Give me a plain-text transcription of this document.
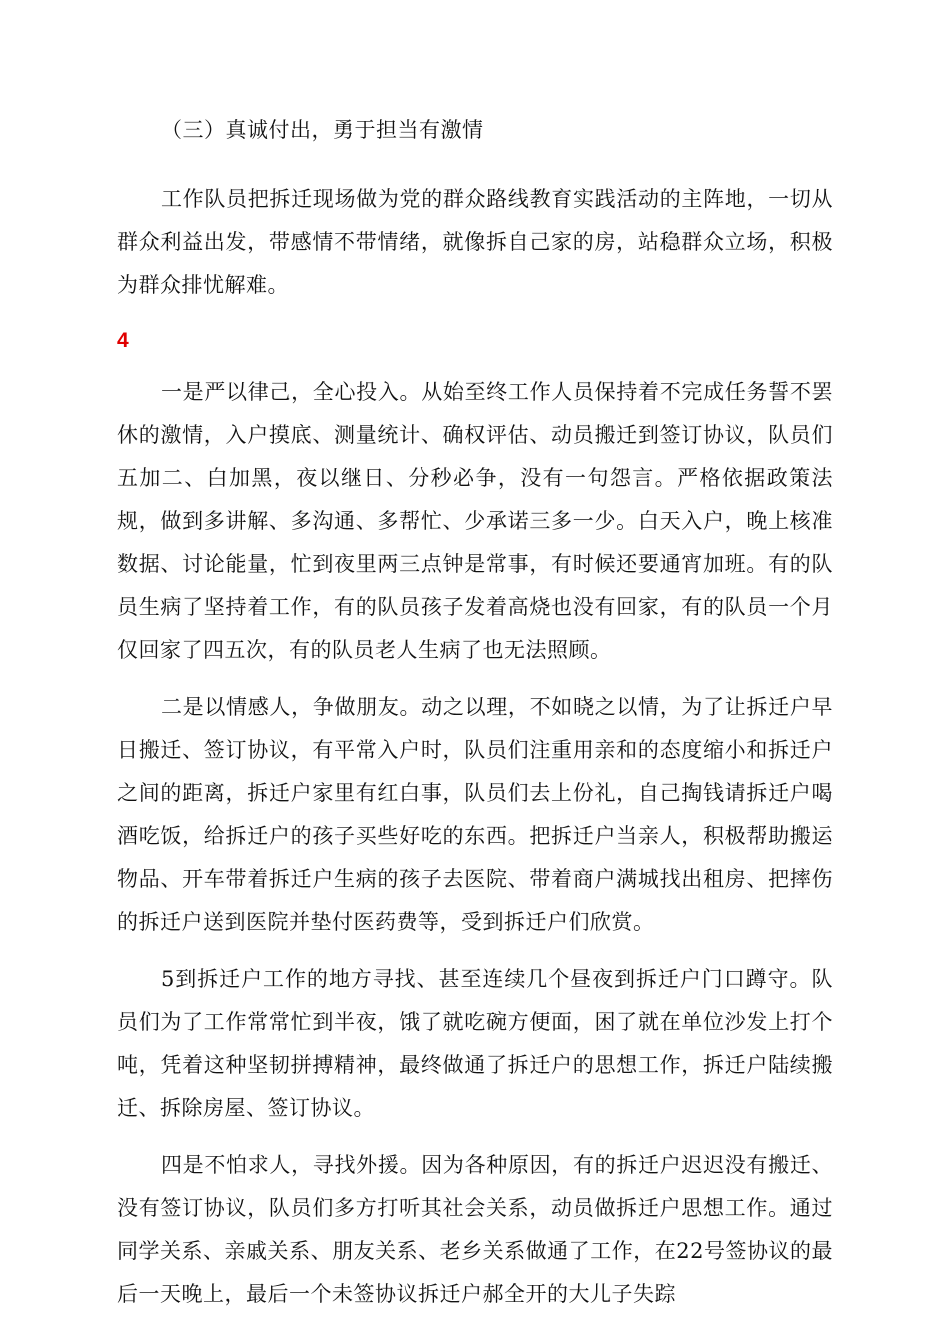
（三）真诚付出，勇于担当有激情

工作队员把拆迁现场做为党的群众路线教育实践活动的主阵地，一切从群众利益出发，带感情不带情绪，就像拆自己家的房，站稳群众立场，积极为群众排忧解难。

4

一是严以律己，全心投入。从始至终工作人员保持着不完成任务誓不罢休的激情，入户摸底、测量统计、确权评估、动员搬迁到签订协议，队员们五加二、白加黑，夜以继日、分秒必争，没有一句怨言。严格依据政策法规，做到多讲解、多沟通、多帮忙、少承诺三多一少。白天入户，晚上核准数据、讨论能量，忙到夜里两三点钟是常事，有时候还要通宵加班。有的队员生病了坚持着工作，有的队员孩子发着高烧也没有回家，有的队员一个月仅回家了四五次，有的队员老人生病了也无法照顾。

二是以情感人，争做朋友。动之以理，不如晓之以情，为了让拆迁户早日搬迁、签订协议，有平常入户时，队员们注重用亲和的态度缩小和拆迁户之间的距离，拆迁户家里有红白事，队员们去上份礼，自己掏钱请拆迁户喝酒吃饭，给拆迁户的孩子买些好吃的东西。把拆迁户当亲人，积极帮助搬运物品、开车带着拆迁户生病的孩子去医院、带着商户满城找出租房、把摔伤的拆迁户送到医院并垫付医药费等，受到拆迁户们欣赏。

5到拆迁户工作的地方寻找、甚至连续几个昼夜到拆迁户门口蹲守。队员们为了工作常常忙到半夜，饿了就吃碗方便面，困了就在单位沙发上打个吨，凭着这种坚韧拼搏精神，最终做通了拆迁户的思想工作，拆迁户陆续搬迁、拆除房屋、签订协议。

四是不怕求人，寻找外援。因为各种原因，有的拆迁户迟迟没有搬迁、没有签订协议，队员们多方打听其社会关系，动员做拆迁户思想工作。通过同学关系、亲戚关系、朋友关系、老乡关系做通了工作，在22号签协议的最后一天晚上，最后一个未签协议拆迁户郝全开的大儿子失踪
